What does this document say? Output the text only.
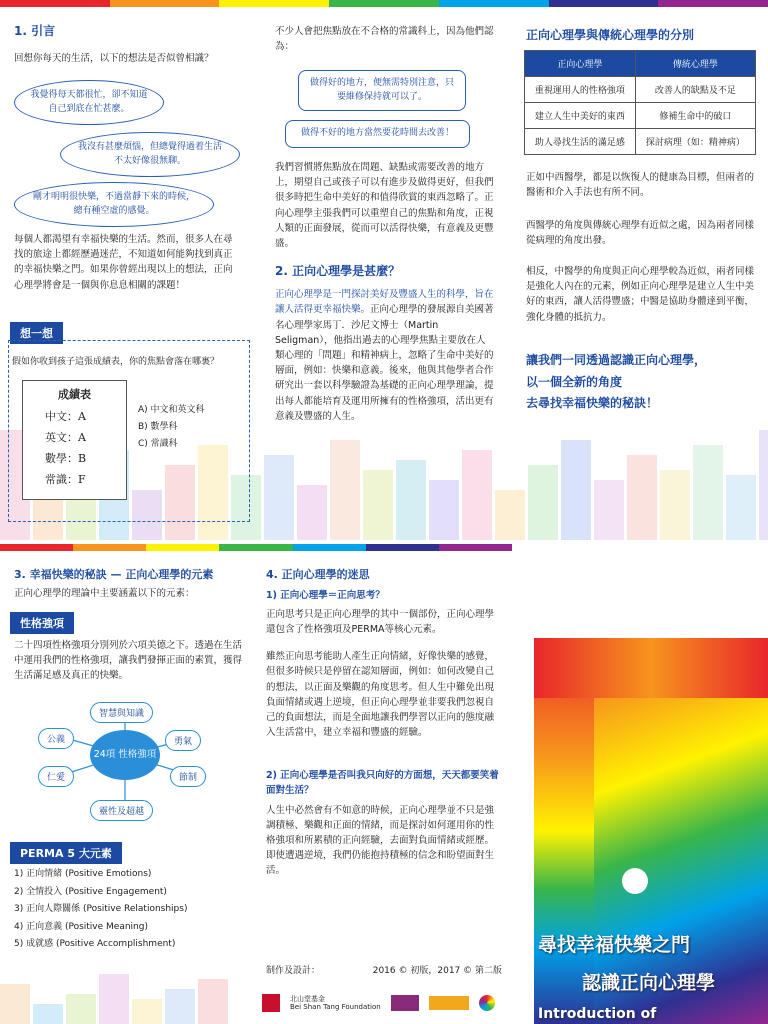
1. 引言
回想你每天的生活，以下的想法是否似曾相識？
我覺得每天都很忙，卻不知道自己到底在忙甚麼。
我沒有甚麼煩惱，但總覺得過着生活不太好像很無聊。
剛才明明很快樂，不過當靜下來的時候，總有種空虛的感覺。
每個人都渴望有幸福快樂的生活。然而，很多人在尋找的旅途上都經歷過迷茫，不知道如何能夠找到真正的幸福快樂之門。如果你曾經出現以上的想法，正向心理學將會是一個與你息息相關的課題！
想一想
假如你收到孩子這張成績表，你的焦點會落在哪裏？
成績表
中文：A
英文：A
數學：B
常識：F
A) 中文和英文科
B) 數學科
C) 常識科
不少人會把焦點放在不合格的常識科上，因為他們認為：
做得好的地方，便無需特別注意，只要維修保持就可以了。
做得不好的地方當然要花時間去改善！
我們習慣將焦點放在問題、缺點或需要改善的地方上，期望自己或孩子可以有進步及做得更好，但我們很多時把生命中美好的和值得欣賞的東西忽略了。正向心理學主張我們可以重塑自己的焦點和角度，正視人類的正面發展，從而可以活得快樂，有意義及更豐盛。
2. 正向心理學是甚麼？
正向心理學是一門探討美好及豐盛人生的科學，旨在讓人活得更幸福快樂。正向心理學的發展源自美國著名心理學家馬丁．沙尼文博士（Martin Seligman），他指出過去的心理學焦點主要放在人類心理的「問題」和精神病上，忽略了生命中美好的層面，例如：快樂和意義。後來，他與其他學者合作研究出一套以科學驗證為基礎的正向心理學理論，提出每人都能培育及運用所擁有的性格強項，活出更有意義及豐盛的人生。
正向心理學與傳統心理學的分別
正向心理學	傳統心理學
重視運用人的性格強項	改善人的缺點及不足
建立人生中美好的東西	修補生命中的破口
助人尋找生活的滿足感	探討病理（如：精神病）
正如中西醫學，都是以恢復人的健康為目標，但兩者的醫術和介入手法也有所不同。
西醫學的角度與傳統心理學有近似之處，因為兩者同樣從病理的角度出發。
相反，中醫學的角度與正向心理學較為近似，兩者同樣是強化人內在的元素，例如正向心理學是建立人生中美好的東西，讓人活得豐盛；中醫是協助身體達到平衡，強化身體的抵抗力。
讓我們一同透過認識正向心理學，
以一個全新的角度
去尋找幸福快樂的秘訣！
3. 幸福快樂的秘訣 — 正向心理學的元素
正向心理學的理論中主要涵蓋以下的元素：
性格強項
二十四項性格強項分別列於六項美德之下。透過在生活中運用我們的性格強項，讓我們發揮正面的素質，獲得生活滿足感及真正的快樂。
24項 性格強項
智慧與知識
勇氣
節制
靈性及超越
仁愛
公義
PERMA 5 大元素
1) 正向情緒 (Positive Emotions)
2) 全情投入 (Positive Engagement)
3) 正向人際關係 (Positive Relationships)
4) 正向意義 (Positive Meaning)
5) 成就感 (Positive Accomplishment)
4. 正向心理學的迷思
1) 正向心理學＝正向思考？
正向思考只是正向心理學的其中一個部份，正向心理學還包含了性格強項及PERMA等核心元素。
雖然正向思考能助人產生正向情緒，好像快樂的感覺，但很多時候只是停留在認知層面，例如：如何改變自己的想法，以正面及樂觀的角度思考。但人生中難免出現負面情緒或遇上逆境，但正向心理學並非要我們忽視自己的負面想法，而是全面地讓我們學習以正向的態度融入生活當中，建立幸福和豐盛的經驗。
2) 正向心理學是否叫我只向好的方面想，天天都要笑着面對生活？
人生中必然會有不如意的時候，正向心理學並不只是強調積極、樂觀和正面的情緒，而是探討如何運用你的性格強項和所累積的正向經驗，去面對負面情緒或經歷。即使遭遇逆境，我們仍能抱持積極的信念和盼望面對生活。
制作及設計：	2016 © 初版，2017 © 第二版
北山堂基金
Bei Shan Tang Foundation
尋找幸福快樂之門
認識正向心理學
Introduction of
